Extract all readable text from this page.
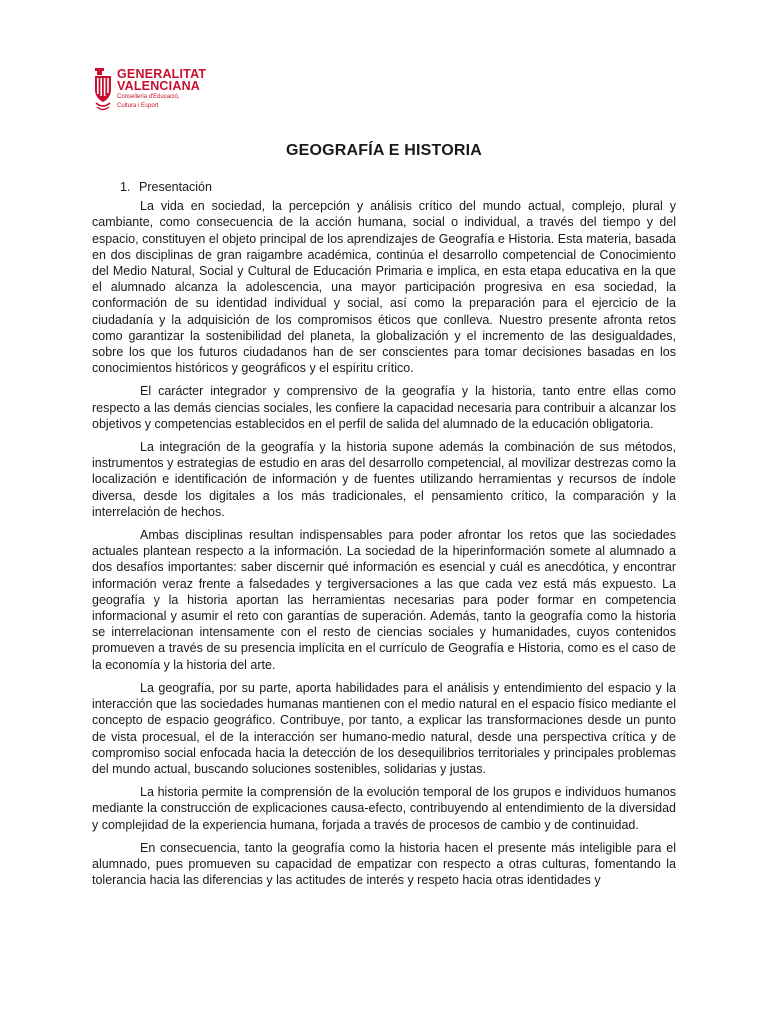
GENERALITAT
VALENCIANA
Conselleria d'Educació,
Cultura i Esport
GEOGRAFÍA E HISTORIA
1. Presentación

La vida en sociedad, la percepción y análisis crítico del mundo actual, complejo, plural y cambiante, como consecuencia de la acción humana, social o individual, a través del tiempo y del espacio, constituyen el objeto principal de los aprendizajes de Geografía e Historia. Esta materia, basada en dos disciplinas de gran raigambre académica, continúa el desarrollo competencial de Conocimiento del Medio Natural, Social y Cultural de Educación Primaria e implica, en esta etapa educativa en la que el alumnado alcanza la adolescencia, una mayor participación progresiva en esa sociedad, la conformación de su identidad individual y social, así como la preparación para el ejercicio de la ciudadanía y la adquisición de los compromisos éticos que conlleva. Nuestro presente afronta retos como garantizar la sostenibilidad del planeta, la globalización y el incremento de las desigualdades, sobre los que los futuros ciudadanos han de ser conscientes para tomar decisiones basadas en los conocimientos históricos y geográficos y el espíritu crítico.

El carácter integrador y comprensivo de la geografía y la historia, tanto entre ellas como respecto a las demás ciencias sociales, les confiere la capacidad necesaria para contribuir a alcanzar los objetivos y competencias establecidos en el perfil de salida del alumnado de la educación obligatoria.

La integración de la geografía y la historia supone además la combinación de sus métodos, instrumentos y estrategias de estudio en aras del desarrollo competencial, al movilizar destrezas como la localización e identificación de información y de fuentes utilizando herramientas y recursos de índole diversa, desde los digitales a los más tradicionales, el pensamiento crítico, la comparación y la interrelación de hechos.

Ambas disciplinas resultan indispensables para poder afrontar los retos que las sociedades actuales plantean respecto a la información. La sociedad de la hiperinformación somete al alumnado a dos desafíos importantes: saber discernir qué información es esencial y cuál es anecdótica, y encontrar información veraz frente a falsedades y tergiversaciones a las que cada vez está más expuesto. La geografía y la historia aportan las herramientas necesarias para poder formar en competencia informacional y asumir el reto con garantías de superación. Además, tanto la geografía como la historia se interrelacionan intensamente con el resto de ciencias sociales y humanidades, cuyos contenidos promueven a través de su presencia implícita en el currículo de Geografía e Historia, como es el caso de la economía y la historia del arte.

La geografía, por su parte, aporta habilidades para el análisis y entendimiento del espacio y la interacción que las sociedades humanas mantienen con el medio natural en el espacio físico mediante el concepto de espacio geográfico. Contribuye, por tanto, a explicar las transformaciones desde un punto de vista procesual, el de la interacción ser humano-medio natural, desde una perspectiva crítica y de compromiso social enfocada hacia la detección de los desequilibrios territoriales y principales problemas del mundo actual, buscando soluciones sostenibles, solidarias y justas.

La historia permite la comprensión de la evolución temporal de los grupos e individuos humanos mediante la construcción de explicaciones causa-efecto, contribuyendo al entendimiento de la diversidad y complejidad de la experiencia humana, forjada a través de procesos de cambio y de continuidad.

En consecuencia, tanto la geografía como la historia hacen el presente más inteligible para el alumnado, pues promueven su capacidad de empatizar con respecto a otras culturas, fomentando la tolerancia hacia las diferencias y las actitudes de interés y respeto hacia otras identidades y
